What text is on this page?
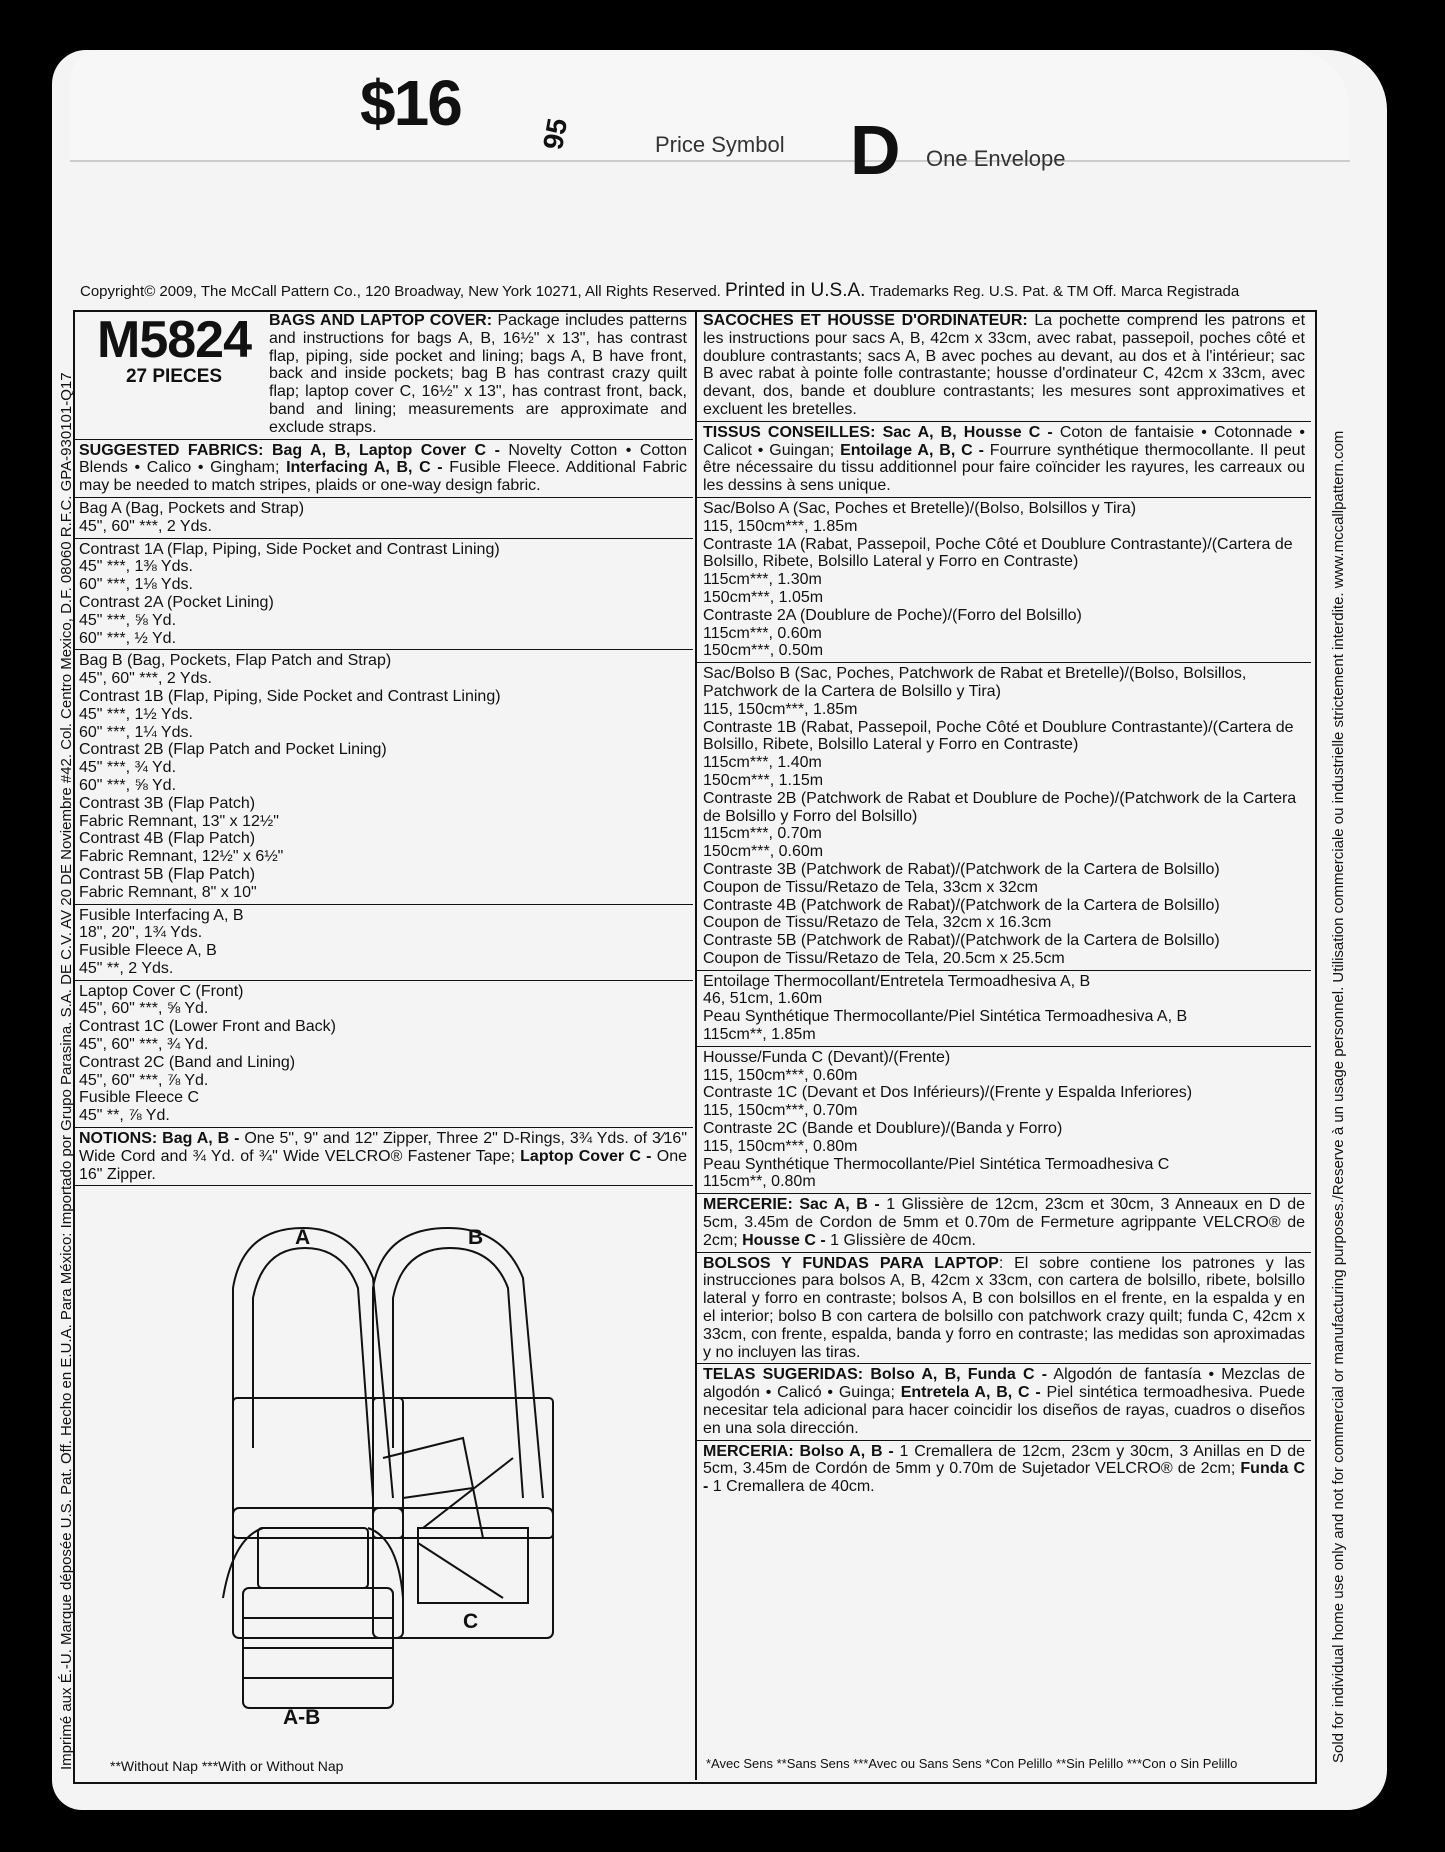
$16	95	Price Symbol D One Envelope
Copyright© 2009, The McCall Pattern Co., 120 Broadway, New York 10271, All Rights Reserved. Printed in U.S.A. Trademarks Reg. U.S. Pat. & TM Off. Marca Registrada
Imprimé aux É.-U. Marque déposée U.S. Pat. Off. Hecho en E.U.A. Para México: Importado por Grupo Parasina. S.A. DE C.V. AV 20 DE Noviembre #42. Col. Centro Mexico, D.F. 08060 R.F.C. GPA-930101-Q17	Sold for individual home use only and not for commercial or manufacturing purposes./Reserve à un usage personnel. Utilisation commerciale ou industrielle strictement interdite. www.mccallpattern.com
M5824
27 PIECES
BAGS AND LAPTOP COVER: Package includes patterns and instructions for bags A, B, 16½" x 13", has contrast flap, piping, side pocket and lining; bags A, B have front, back and inside pockets; bag B has contrast crazy quilt flap; laptop cover C, 16½" x 13", has contrast front, back, band and lining; measurements are approximate and exclude straps.
SUGGESTED FABRICS: Bag A, B, Laptop Cover C - Novelty Cotton • Cotton Blends • Calico • Gingham; Interfacing A, B, C - Fusible Fleece. Additional Fabric may be needed to match stripes, plaids or one-way design fabric.
Bag A (Bag, Pockets and Strap)
45", 60" ***, 2 Yds.
Contrast 1A (Flap, Piping, Side Pocket and Contrast Lining)
45" ***, 1⅜ Yds.
60" ***, 1⅛ Yds.
Contrast 2A (Pocket Lining)
45" ***, ⅝ Yd.
60" ***, ½ Yd.
Bag B (Bag, Pockets, Flap Patch and Strap)
45", 60" ***, 2 Yds.
Contrast 1B (Flap, Piping, Side Pocket and Contrast Lining)
45" ***, 1½ Yds.
60" ***, 1¼ Yds.
Contrast 2B (Flap Patch and Pocket Lining)
45" ***, ¾ Yd.
60" ***, ⅝ Yd.
Contrast 3B (Flap Patch)
Fabric Remnant, 13" x 12½"
Contrast 4B (Flap Patch)
Fabric Remnant, 12½" x 6½"
Contrast 5B (Flap Patch)
Fabric Remnant, 8" x 10"
Fusible Interfacing A, B
18", 20", 1¾ Yds.
Fusible Fleece A, B
45" **, 2 Yds.
Laptop Cover C (Front)
45", 60" ***, ⅝ Yd.
Contrast 1C (Lower Front and Back)
45", 60" ***, ¾ Yd.
Contrast 2C (Band and Lining)
45", 60" ***, ⅞ Yd.
Fusible Fleece C
45" **, ⅞ Yd.
NOTIONS: Bag A, B - One 5", 9" and 12" Zipper, Three 2" D-Rings, 3¾ Yds. of 3⁄16" Wide Cord and ¾ Yd. of ¾" Wide VELCRO® Fastener Tape; Laptop Cover C - One 16" Zipper.
A	B
A-B
C
**Without Nap ***With or Without Nap
SACOCHES ET HOUSSE D'ORDINATEUR: La pochette comprend les patrons et les instructions pour sacs A, B, 42cm x 33cm, avec rabat, passepoil, poches côté et doublure contrastants; sacs A, B avec poches au devant, au dos et à l'intérieur; sac B avec rabat à pointe folle contrastante; housse d'ordinateur C, 42cm x 33cm, avec devant, dos, bande et doublure contrastants; les mesures sont approximatives et excluent les bretelles.
TISSUS CONSEILLES: Sac A, B, Housse C - Coton de fantaisie • Cotonnade • Calicot • Guingan; Entoilage A, B, C - Fourrure synthétique thermocollante. Il peut être nécessaire du tissu additionnel pour faire coïncider les rayures, les carreaux ou les dessins à sens unique.
Sac/Bolso A (Sac, Poches et Bretelle)/(Bolso, Bolsillos y Tira)
115, 150cm***, 1.85m
Contraste 1A (Rabat, Passepoil, Poche Côté et Doublure Contrastante)/(Cartera de Bolsillo, Ribete, Bolsillo Lateral y Forro en Contraste)
115cm***, 1.30m
150cm***, 1.05m
Contraste 2A (Doublure de Poche)/(Forro del Bolsillo)
115cm***, 0.60m
150cm***, 0.50m
Sac/Bolso B (Sac, Poches, Patchwork de Rabat et Bretelle)/(Bolso, Bolsillos, Patchwork de la Cartera de Bolsillo y Tira)
115, 150cm***, 1.85m
Contraste 1B (Rabat, Passepoil, Poche Côté et Doublure Contrastante)/(Cartera de Bolsillo, Ribete, Bolsillo Lateral y Forro en Contraste)
115cm***, 1.40m
150cm***, 1.15m
Contraste 2B (Patchwork de Rabat et Doublure de Poche)/(Patchwork de la Cartera de Bolsillo y Forro del Bolsillo)
115cm***, 0.70m
150cm***, 0.60m
Contraste 3B (Patchwork de Rabat)/(Patchwork de la Cartera de Bolsillo)
Coupon de Tissu/Retazo de Tela, 33cm x 32cm
Contraste 4B (Patchwork de Rabat)/(Patchwork de la Cartera de Bolsillo)
Coupon de Tissu/Retazo de Tela, 32cm x 16.3cm
Contraste 5B (Patchwork de Rabat)/(Patchwork de la Cartera de Bolsillo)
Coupon de Tissu/Retazo de Tela, 20.5cm x 25.5cm
Entoilage Thermocollant/Entretela Termoadhesiva A, B
46, 51cm, 1.60m
Peau Synthétique Thermocollante/Piel Sintética Termoadhesiva A, B
115cm**, 1.85m
Housse/Funda C (Devant)/(Frente)
115, 150cm***, 0.60m
Contraste 1C (Devant et Dos Inférieurs)/(Frente y Espalda Inferiores)
115, 150cm***, 0.70m
Contraste 2C (Bande et Doublure)/(Banda y Forro)
115, 150cm***, 0.80m
Peau Synthétique Thermocollante/Piel Sintética Termoadhesiva C
115cm**, 0.80m
MERCERIE: Sac A, B - 1 Glissière de 12cm, 23cm et 30cm, 3 Anneaux en D de 5cm, 3.45m de Cordon de 5mm et 0.70m de Fermeture agrippante VELCRO® de 2cm; Housse C - 1 Glissière de 40cm.
BOLSOS Y FUNDAS PARA LAPTOP: El sobre contiene los patrones y las instrucciones para bolsos A, B, 42cm x 33cm, con cartera de bolsillo, ribete, bolsillo lateral y forro en contraste; bolsos A, B con bolsillos en el frente, en la espalda y en el interior; bolso B con cartera de bolsillo con patchwork crazy quilt; funda C, 42cm x 33cm, con frente, espalda, banda y forro en contraste; las medidas son aproximadas y no incluyen las tiras.
TELAS SUGERIDAS: Bolso A, B, Funda C - Algodón de fantasía • Mezclas de algodón • Calicó • Guinga; Entretela A, B, C - Piel sintética termoadhesiva. Puede necesitar tela adicional para hacer coincidir los diseños de rayas, cuadros o diseños en una sola dirección.
MERCERIA: Bolso A, B - 1 Cremallera de 12cm, 23cm y 30cm, 3 Anillas en D de 5cm, 3.45m de Cordón de 5mm y 0.70m de Sujetador VELCRO® de 2cm; Funda C - 1 Cremallera de 40cm.
*Avec Sens **Sans Sens ***Avec ou Sans Sens *Con Pelillo **Sin Pelillo ***Con o Sin Pelillo
